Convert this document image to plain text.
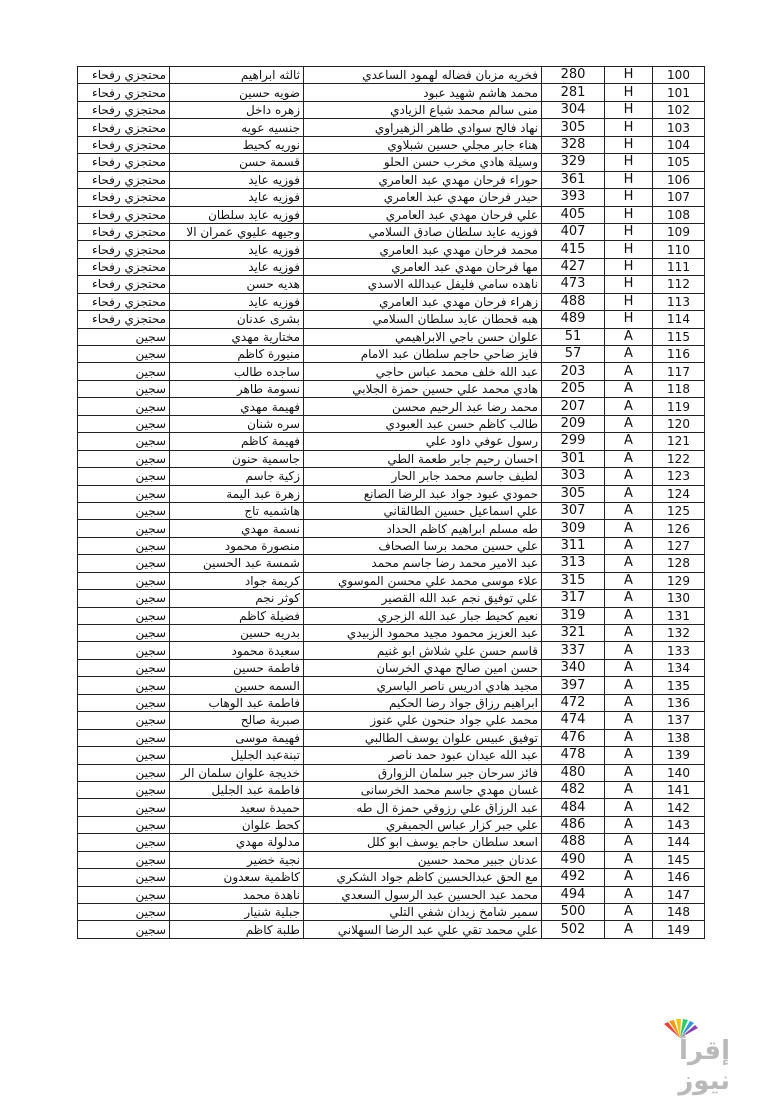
محتجزي رفحاء	ثالثه ابراهيم	فخريه مزبان فضاله لهمود الساعدي	280	H	100
محتجزي رفحاء	ضويه حسين	محمد هاشم شهيد عبود	281	H	101
محتجزي رفحاء	زهره داخل	منى سالم محمد شياع الزيادي	304	H	102
محتجزي رفحاء	جنسيه عويه	نهاد فالح سوادي طاهر الزهيراوي	305	H	103
محتجزي رفحاء	نوريه كحيط	هناء جابر مجلي حسين شبلاوي	328	H	104
محتجزي رفحاء	قسمة حسن	وسيلة هادي مخرب حسن الحلو	329	H	105
محتجزي رفحاء	فوزيه عايد	حوراء فرحان مهدي عبد العامري	361	H	106
محتجزي رفحاء	فوزيه عايد	حيدر فرحان مهدي عبد العامري	393	H	107
محتجزي رفحاء	فوزيه عايد سلطان	علي فرحان مهدي عبد العامري	405	H	108
محتجزي رفحاء	وجيهه عليوي عمران الا	فوزيه عايد سلطان صادق السلامي	407	H	109
محتجزي رفحاء	فوزيه عايد	محمد فرحان مهدي عبد العامري	415	H	110
محتجزي رفحاء	فوزيه عايد	مها فرحان مهدي عبد العامري	427	H	111
محتجزي رفحاء	هديه حسن	ناهده سامي فليفل عبدالله الاسدي	473	H	112
محتجزي رفحاء	فوزيه عايد	زهراء فرحان مهدي عبد العامري	488	H	113
محتجزي رفحاء	بشرى عدنان	هبه قحطان عايد سلطان السلامي	489	H	114
سجين	مختارية مهدي	علوان حسن باجي الابراهيمي	51	A	115
سجين	منيورة كاظم	فايز ضاحي حاجم سلطان عبد الامام	57	A	116
سجين	ساجده طالب	عبد الله خلف محمد عباس حاجي	203	A	117
سجين	نسومة طاهر	هادي محمد علي حسين حمزة الجلابي	205	A	118
سجين	فهيمة مهدي	محمد رضا عبد الرحيم محسن	207	A	119
سجين	سره شنان	طالب كاظم حسن عبد العبودي	209	A	120
سجين	فهيمة كاظم	رسول عوفي داود علي	299	A	121
سجين	جاسمية حنون	احسان رحيم جابر طعمة الطي	301	A	122
سجين	زكية جاسم	لطيف جاسم محمد جابر الحار	303	A	123
سجين	زهرة عبد اليمة	حمودي عبود جواد عبد الرضا الصانع	305	A	124
سجين	هاشميه تاج	علي اسماعيل حسين الطالقاني	307	A	125
سجين	نسمة مهدي	طه مسلم ابراهيم كاظم الحداد	309	A	126
سجين	منصورة محمود	علي حسين محمد برسا الصحاف	311	A	127
سجين	شمسة عبد الحسين	عبد الامير محمد رضا جاسم محمد	313	A	128
سجين	كريمة جواد	علاء موسى محمد علي محسن الموسوي	315	A	129
سجين	كوثر نجم	علي توفيق نجم عبد الله القصير	317	A	130
سجين	فضيلة كاظم	نعيم كحيط جبار عبد الله الزجري	319	A	131
سجين	بدريه حسين	عبد العزيز محمود مجيد محمود الزبيدي	321	A	132
سجين	سعيدة محمود	قاسم حسن علي شلاش ابو غنيم	337	A	133
سجين	فاطمة حسين	حسن امين صالح مهدي الخرسان	340	A	134
سجين	السمه حسين	مجيد هادي ادريس ناصر الياسري	397	A	135
سجين	فاطمة عبد الوهاب	ابراهيم رزاق جواد رضا الحكيم	472	A	136
سجين	صبرية صالح	محمد علي جواد حنحون علي عنوز	474	A	137
سجين	فهيمة موسى	توفيق عبيس علوان يوسف الطالبي	476	A	138
سجين	تبنةعبد الجليل	عبد الله عيدان عبود حمد ناصر	478	A	139
سجين	خديجة علوان سلمان الر	فائز سرحان جبر سلمان الزوارق	480	A	140
سجين	فاطمة عبد الجليل	غسان مهدي جاسم محمد الخرسانى	482	A	141
سجين	حميدة سعيد	عبد الرزاق علي رزوقي حمزة ال طه	484	A	142
سجين	كحط علوان	علي جبر كزار عباس الجميفري	486	A	143
سجين	مدلولة مهدي	اسعد سلطان حاجم يوسف ابو كلل	488	A	144
سجين	نجية خضير	عدنان جبير محمد حسين	490	A	145
سجين	كاظمية سعدون	مع الحق عبدالحسين كاظم جواد الشكري	492	A	146
سجين	ناهدة محمد	محمد عبد الحسين عبد الرسول السعدي	494	A	147
سجين	جبلية شنيار	سمير شامخ زيدان شفي التلي	500	A	148
سجين	طلبة كاظم	علي محمد تقي علي عبد الرضا السهلاني	502	A	149
إقرأ نيوز
